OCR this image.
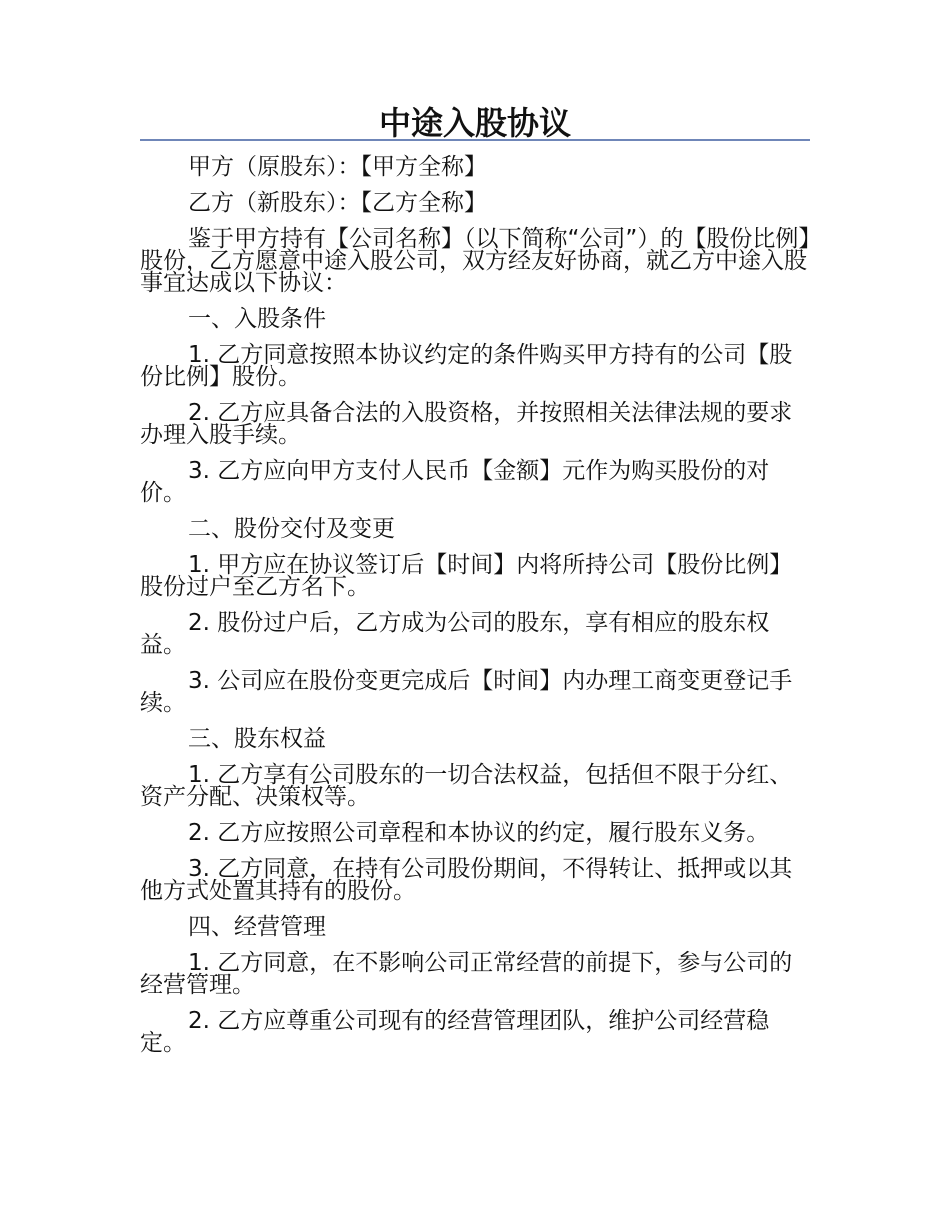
中途入股协议

甲方（原股东）：【甲方全称】

乙方（新股东）：【乙方全称】

鉴于甲方持有【公司名称】（以下简称“公司”）的【股份比例】股份，乙方愿意中途入股公司，双方经友好协商，就乙方中途入股事宜达成以下协议：

一、入股条件

1. 乙方同意按照本协议约定的条件购买甲方持有的公司【股份比例】股份。

2. 乙方应具备合法的入股资格，并按照相关法律法规的要求办理入股手续。

3. 乙方应向甲方支付人民币【金额】元作为购买股份的对价。

二、股份交付及变更

1. 甲方应在协议签订后【时间】内将所持公司【股份比例】股份过户至乙方名下。

2. 股份过户后，乙方成为公司的股东，享有相应的股东权益。

3. 公司应在股份变更完成后【时间】内办理工商变更登记手续。

三、股东权益

1. 乙方享有公司股东的一切合法权益，包括但不限于分红、资产分配、决策权等。

2. 乙方应按照公司章程和本协议的约定，履行股东义务。

3. 乙方同意，在持有公司股份期间，不得转让、抵押或以其他方式处置其持有的股份。

四、经营管理

1. 乙方同意，在不影响公司正常经营的前提下，参与公司的经营管理。

2. 乙方应尊重公司现有的经营管理团队，维护公司经营稳定。
